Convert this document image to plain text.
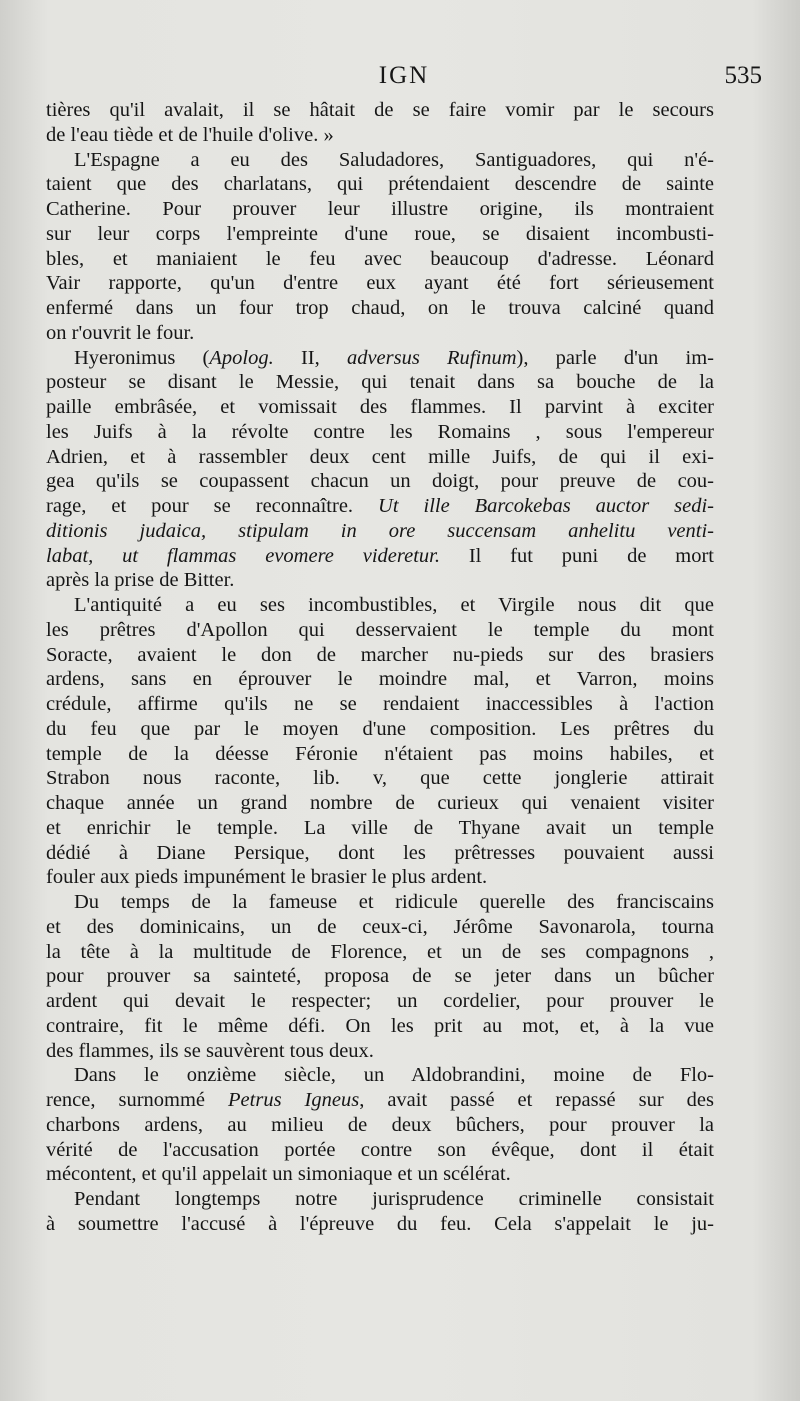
IGN	535
tières qu'il avalait, il se hâtait de se faire vomir par le secours
de l'eau tiède et de l'huile d'olive. »
L'Espagne a eu des Saludadores, Santiguadores, qui n'é-
taient que des charlatans, qui prétendaient descendre de sainte
Catherine. Pour prouver leur illustre origine, ils montraient
sur leur corps l'empreinte d'une roue, se disaient incombusti-
bles, et maniaient le feu avec beaucoup d'adresse. Léonard
Vair rapporte, qu'un d'entre eux ayant été fort sérieusement
enfermé dans un four trop chaud, on le trouva calciné quand
on r'ouvrit le four.
Hyeronimus (Apolog. II, adversus Rufinum), parle d'un im-
posteur se disant le Messie, qui tenait dans sa bouche de la
paille embrâsée, et vomissait des flammes. Il parvint à exciter
les Juifs à la révolte contre les Romains , sous l'empereur
Adrien, et à rassembler deux cent mille Juifs, de qui il exi-
gea qu'ils se coupassent chacun un doigt, pour preuve de cou-
rage, et pour se reconnaître. Ut ille Barcokebas auctor sedi-
ditionis judaica, stipulam in ore succensam anhelitu venti-
labat, ut flammas evomere videretur. Il fut puni de mort
après la prise de Bitter.
L'antiquité a eu ses incombustibles, et Virgile nous dit que
les prêtres d'Apollon qui desservaient le temple du mont
Soracte, avaient le don de marcher nu-pieds sur des brasiers
ardens, sans en éprouver le moindre mal, et Varron, moins
crédule, affirme qu'ils ne se rendaient inaccessibles à l'action
du feu que par le moyen d'une composition. Les prêtres du
temple de la déesse Féronie n'étaient pas moins habiles, et
Strabon nous raconte, lib. v, que cette jonglerie attirait
chaque année un grand nombre de curieux qui venaient visiter
et enrichir le temple. La ville de Thyane avait un temple
dédié à Diane Persique, dont les prêtresses pouvaient aussi
fouler aux pieds impunément le brasier le plus ardent.
Du temps de la fameuse et ridicule querelle des franciscains
et des dominicains, un de ceux-ci, Jérôme Savonarola, tourna
la tête à la multitude de Florence, et un de ses compagnons ,
pour prouver sa sainteté, proposa de se jeter dans un bûcher
ardent qui devait le respecter; un cordelier, pour prouver le
contraire, fit le même défi. On les prit au mot, et, à la vue
des flammes, ils se sauvèrent tous deux.
Dans le onzième siècle, un Aldobrandini, moine de Flo-
rence, surnommé Petrus Igneus, avait passé et repassé sur des
charbons ardens, au milieu de deux bûchers, pour prouver la
vérité de l'accusation portée contre son évêque, dont il était
mécontent, et qu'il appelait un simoniaque et un scélérat.
Pendant longtemps notre jurisprudence criminelle consistait
à soumettre l'accusé à l'épreuve du feu. Cela s'appelait le ju-
